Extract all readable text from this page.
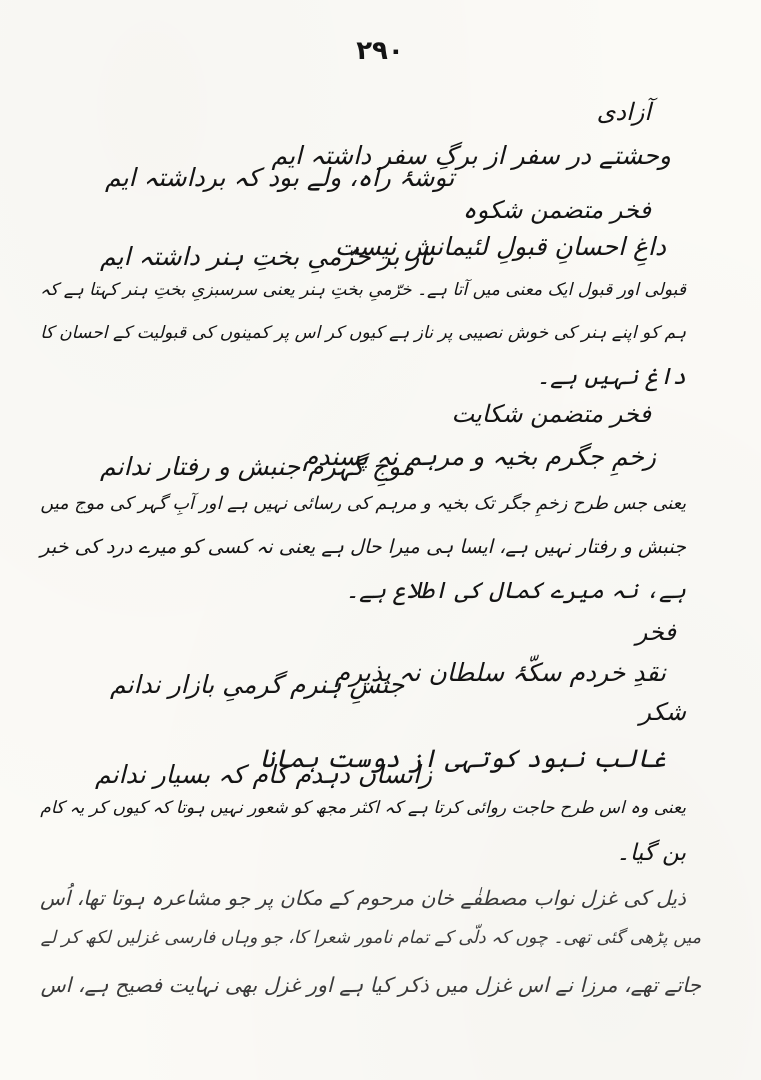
۲۹۰
آزادی
وحشتے در سفر از برگِ سفر داشتہ ایم
توشۂ راہ، ولے بود کہ برداشتہ ایم
فخر متضمن شکوہ
داغِ احسانِ قبولِ لئیمانش نیست
ناز بر خرّمیِ بختِ ہنر داشتہ ایم
قبولی اور قبول ایک معنی میں آتا ہے۔ خرّمیِ بختِ ہنر یعنی سرسبزیِ بختِ ہنر کہتا ہے کہ
ہم کو اپنے ہنر کی خوش نصیبی پر ناز ہے کیوں کر اس پر کمینوں کی قبولیت کے احسان کا
داغ نہیں ہے۔
فخر متضمن شکایت
زخمِ جگرم بخیہ و مرہم نہ پسندم
موجِ گہرم جنبش و رفتار ندانم
یعنی جس طرح زخمِ جگر تک بخیہ و مرہم کی رسائی نہیں ہے اور آبِ گہر کی موج میں
جنبش و رفتار نہیں ہے، ایسا ہی میرا حال ہے یعنی نہ کسی کو میرے درد کی خبر
ہے، نہ میرے کمال کی اطلاع ہے۔
فخر
نقدِ خردم سکّۂ سلطان نہ پذیرم
جنسِ ہنرم گرمیِ بازار ندانم
شکر
غالب نبود کوتہی از دوست ہمانا
زانساں دہدم کام کہ بسیار ندانم
یعنی وہ اس طرح حاجت روائی کرتا ہے کہ اکثر مجھ کو شعور نہیں ہوتا کہ کیوں کر یہ کام
بن گیا۔
ذیل کی غزل نواب مصطفٰے خان مرحوم کے مکان پر جو مشاعرہ ہوتا تھا، اُس
میں پڑھی گئی تھی۔ چوں کہ دلّی کے تمام نامور شعرا کا، جو وہاں فارسی غزلیں لکھ کر لے
جاتے تھے، مرزا نے اس غزل میں ذکر کیا ہے اور غزل بھی نہایت فصیح ہے، اس
